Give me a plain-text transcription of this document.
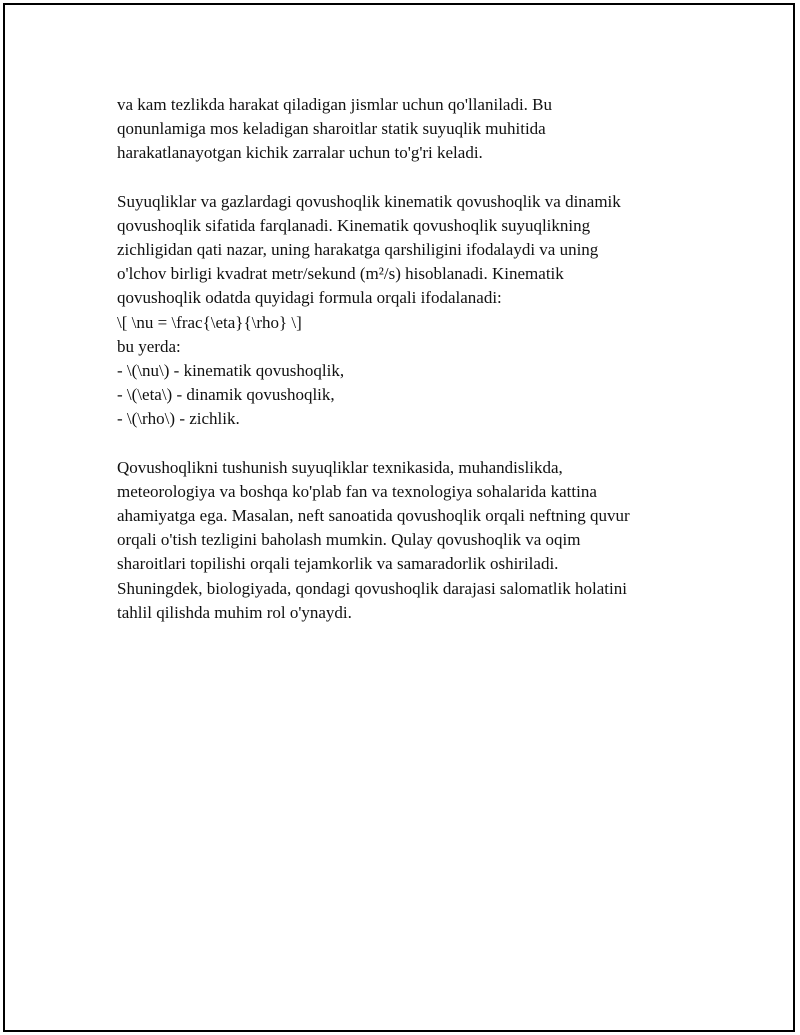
va kam tezlikda harakat qiladigan jismlar uchun qo'llaniladi. Bu
qonunlamiga mos keladigan sharoitlar statik suyuqlik muhitida
harakatlanayotgan kichik zarralar uchun to'g'ri keladi.
Suyuqliklar va gazlardagi qovushoqlik kinematik qovushoqlik va dinamik
qovushoqlik sifatida farqlanadi. Kinematik qovushoqlik suyuqlikning
zichligidan qati nazar, uning harakatga qarshiligini ifodalaydi va uning
o'lchov birligi kvadrat metr/sekund (m²/s) hisoblanadi. Kinematik
qovushoqlik odatda quyidagi formula orqali ifodalanadi:
\[ \nu = \frac{\eta}{\rho} \]
bu yerda:
- \(\nu\) - kinematik qovushoqlik,
- \(\eta\) - dinamik qovushoqlik,
- \(\rho\) - zichlik.
Qovushoqlikni tushunish suyuqliklar texnikasida, muhandislikda,
meteorologiya va boshqa ko'plab fan va texnologiya sohalarida kattina
ahamiyatga ega. Masalan, neft sanoatida qovushoqlik orqali neftning quvur
orqali o'tish tezligini baholash mumkin. Qulay qovushoqlik va oqim
sharoitlari topilishi orqali tejamkorlik va samaradorlik oshiriladi.
Shuningdek, biologiyada, qondagi qovushoqlik darajasi salomatlik holatini
tahlil qilishda muhim rol o'ynaydi.
